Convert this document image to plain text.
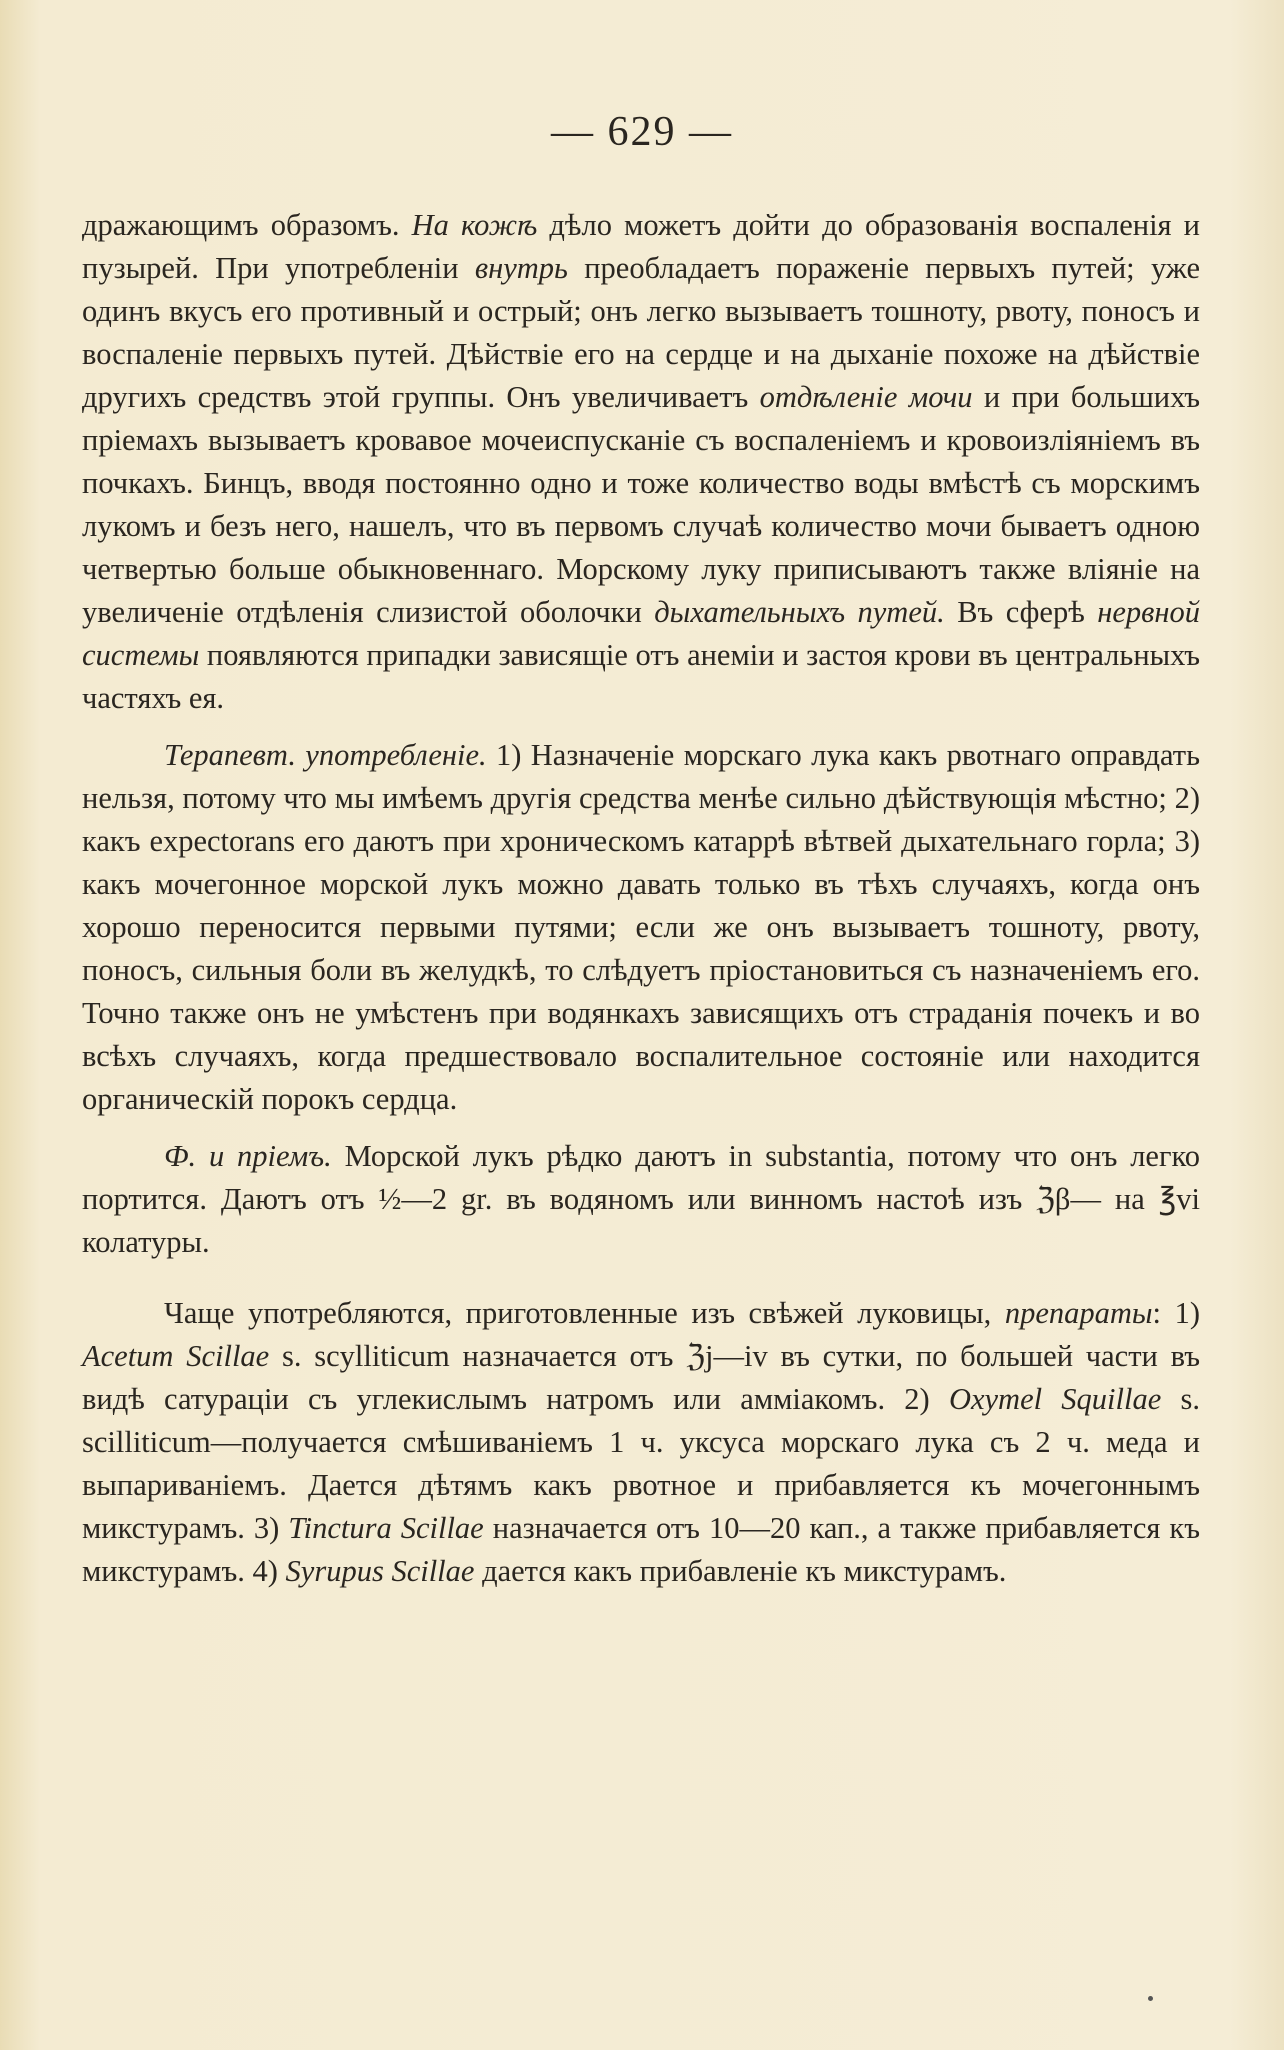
— 629 —

дражающимъ образомъ. На кожѣ дѣло можетъ дойти до образованія воспаленія и пузырей. При употребленіи внутрь преобладаетъ пораженіе первыхъ путей; уже одинъ вкусъ его противный и острый; онъ легко вызываетъ тошноту, рвоту, поносъ и воспаленіе первыхъ путей. Дѣйствіе его на сердце и на дыханіе похоже на дѣйствіе другихъ средствъ этой группы. Онъ увеличиваетъ отдѣленіе мочи и при большихъ пріемахъ вызываетъ кровавое мочеиспусканіе съ воспаленіемъ и кровоизліяніемъ въ почкахъ. Бинцъ, вводя постоянно одно и тоже количество воды вмѣстѣ съ морскимъ лукомъ и безъ него, нашелъ, что въ первомъ случаѣ количество мочи бываетъ одною четвертью больше обыкновеннаго. Морскому луку приписываютъ также вліяніе на увеличеніе отдѣленія слизистой оболочки дыхательныхъ путей. Въ сферѣ нервной системы появляются припадки зависящіе отъ анеміи и застоя крови въ центральныхъ частяхъ ея.

Терапевт. употребленіе. 1) Назначеніе морскаго лука какъ рвотнаго оправдать нельзя, потому что мы имѣемъ другія средства менѣе сильно дѣйствующія мѣстно; 2) какъ expectorans его даютъ при хроническомъ катаррѣ вѣтвей дыхательнаго горла; 3) какъ мочегонное морской лукъ можно давать только въ тѣхъ случаяхъ, когда онъ хорошо переносится первыми путями; если же онъ вызываетъ тошноту, рвоту, поносъ, сильныя боли въ желудкѣ, то слѣдуетъ пріостановиться съ назначеніемъ его. Точно также онъ не умѣстенъ при водянкахъ зависящихъ отъ страданія почекъ и во всѣхъ случаяхъ, когда предшествовало воспалительное состояніе или находится органическій порокъ сердца.

Ф. и пріемъ. Морской лукъ рѣдко даютъ in substantia, потому что онъ легко портится. Даютъ отъ ½—2 gr. въ водяномъ или винномъ настоѣ изъ ℨβ— на ℥vi колатуры.

Чаще употребляются, приготовленные изъ свѣжей луковицы, препараты: 1) Acetum Scillae s. scylliticum назначается отъ ℨj—iv въ сутки, по большей части въ видѣ сатураціи съ углекислымъ натромъ или амміакомъ. 2) Oxymel Squillae s. scilliticum—получается смѣшиваніемъ 1 ч. уксуса морскаго лука съ 2 ч. меда и выпариваніемъ. Дается дѣтямъ какъ рвотное и прибавляется къ мочегоннымъ микстурамъ. 3) Tinctura Scillae назначается отъ 10—20 кап., а также прибавляется къ микстурамъ. 4) Syrupus Scillae дается какъ прибавленіе къ микстурамъ.
